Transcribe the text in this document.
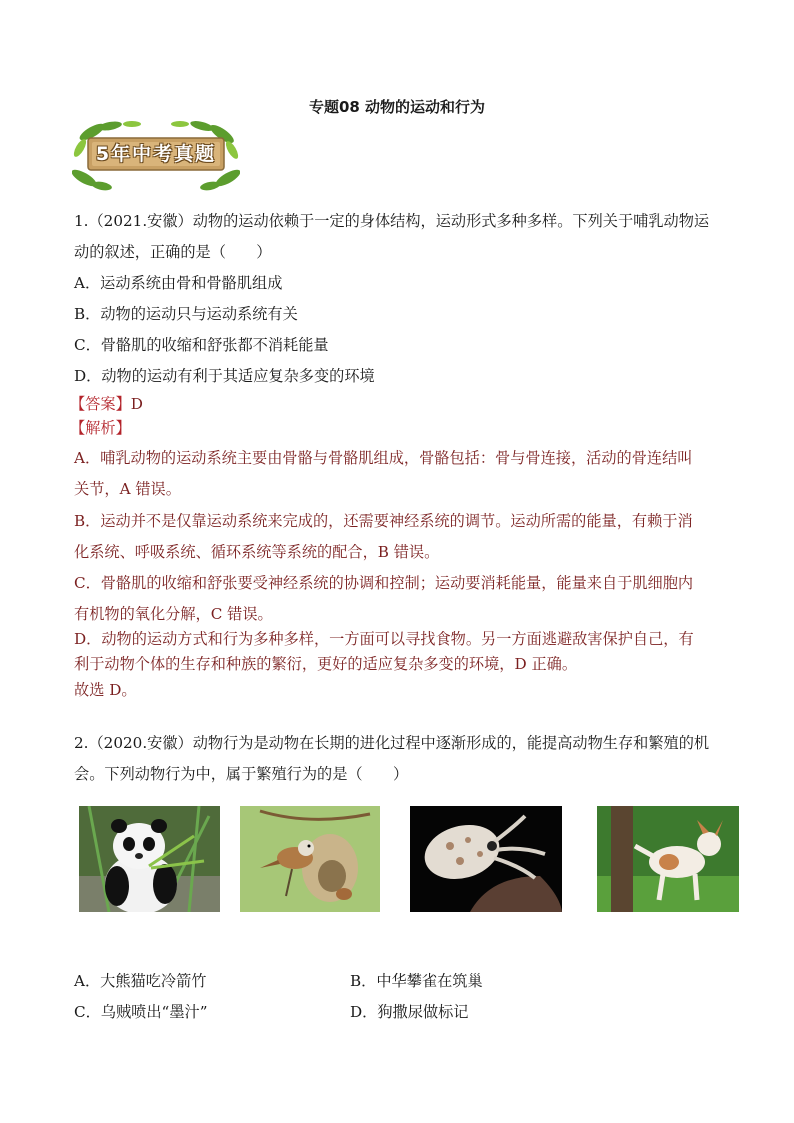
专题08 动物的运动和行为
5年中考真题
1.（2021.安徽）动物的运动依赖于一定的身体结构，运动形式多种多样。下列关于哺乳动物运
动的叙述，正确的是（　　）
A．运动系统由骨和骨骼肌组成
B．动物的运动只与运动系统有关
C．骨骼肌的收缩和舒张都不消耗能量
D．动物的运动有利于其适应复杂多变的环境
【答案】D
【解析】
A．哺乳动物的运动系统主要由骨骼与骨骼肌组成，骨骼包括：骨与骨连接，活动的骨连结叫
关节，A 错误。
B．运动并不是仅靠运动系统来完成的，还需要神经系统的调节。运动所需的能量，有赖于消
化系统、呼吸系统、循环系统等系统的配合，B 错误。
C．骨骼肌的收缩和舒张要受神经系统的协调和控制；运动要消耗能量，能量来自于肌细胞内
有机物的氧化分解，C 错误。
D．动物的运动方式和行为多种多样，一方面可以寻找食物。另一方面逃避敌害保护自己，有
利于动物个体的生存和种族的繁衍，更好的适应复杂多变的环境，D 正确。
故选 D。
2.（2020.安徽）动物行为是动物在长期的进化过程中逐渐形成的，能提高动物生存和繁殖的机
会。下列动物行为中，属于繁殖行为的是（　　）
A．大熊猫吃冷箭竹	B．中华攀雀在筑巢
C．乌贼喷出“墨汁”	D．狗撒尿做标记
